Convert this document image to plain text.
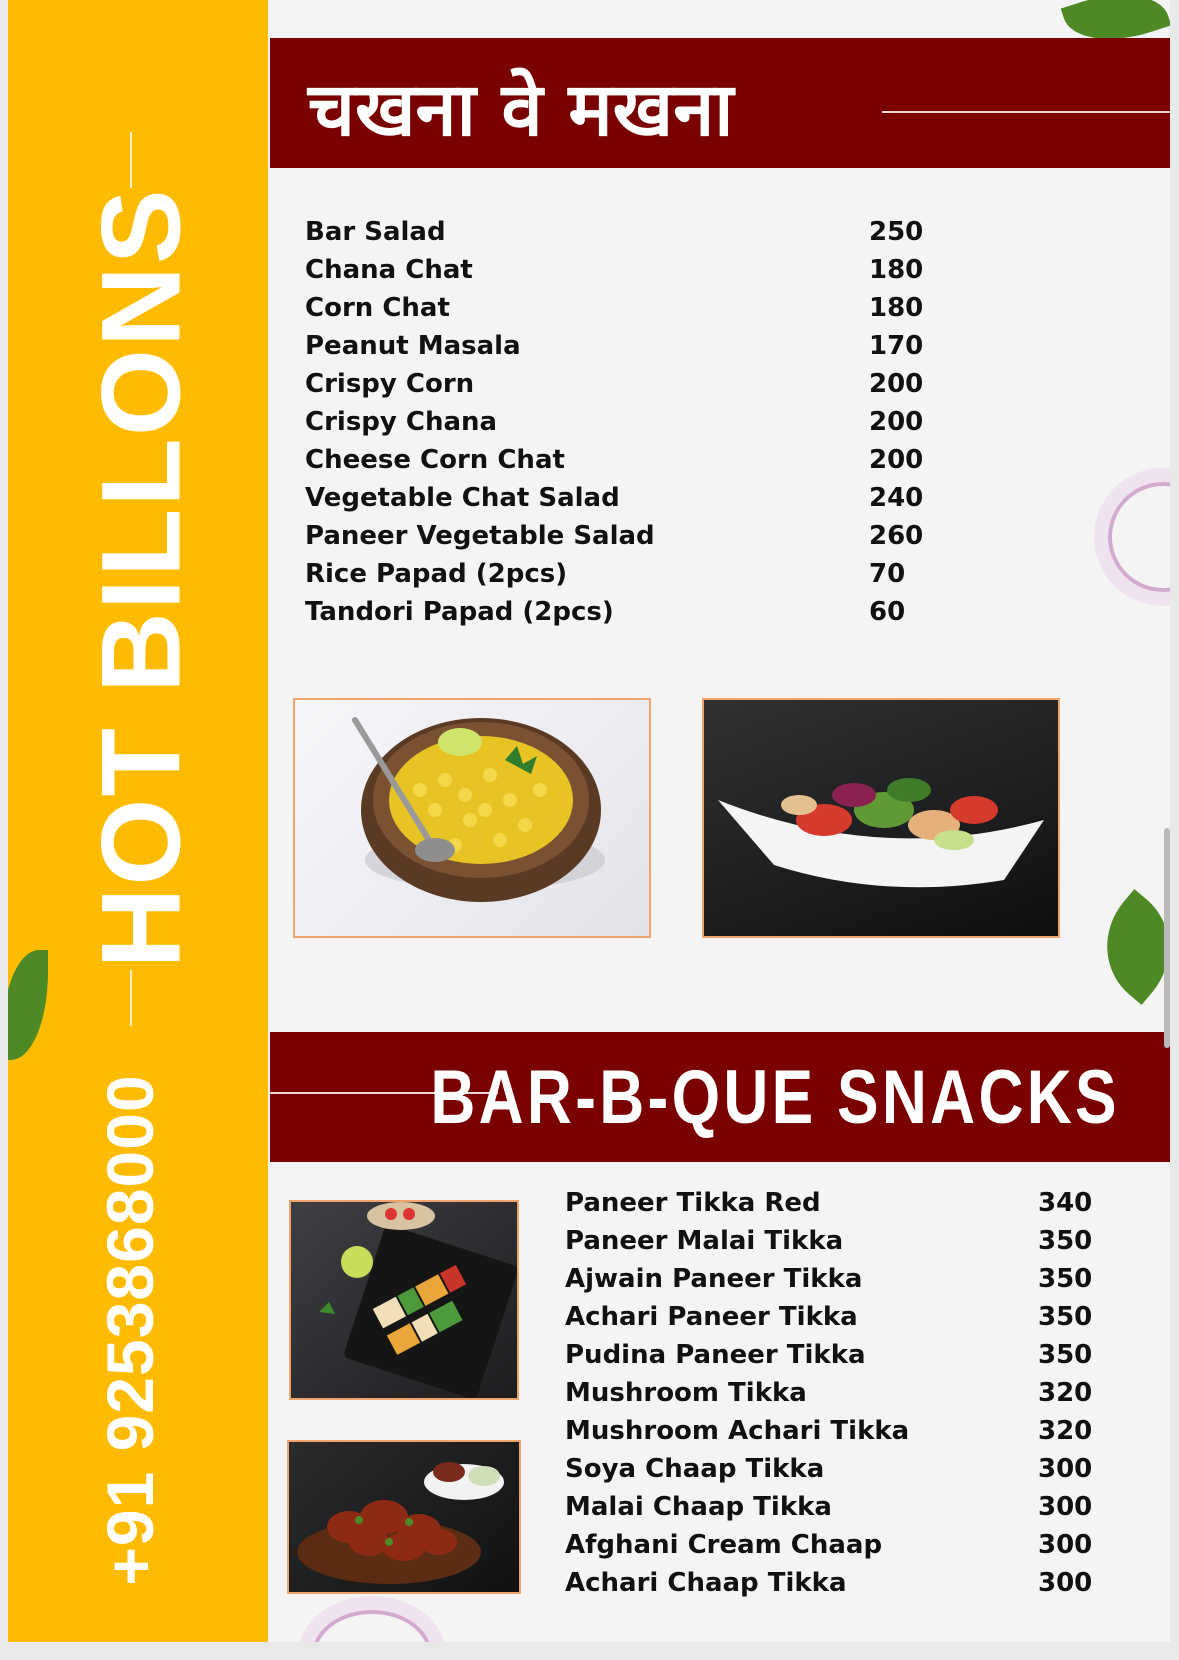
HOT BILLONS
+91 9253868000
चखना वे मखना
Bar Salad	250
Chana Chat	180
Corn Chat	180
Peanut Masala	170
Crispy Corn	200
Crispy Chana	200
Cheese Corn Chat	200
Vegetable Chat Salad	240
Paneer Vegetable Salad	260
Rice Papad (2pcs)	70
Tandori Papad (2pcs)	60
BAR-B-QUE SNACKS
Paneer Tikka Red	340
Paneer Malai Tikka	350
Ajwain Paneer Tikka	350
Achari Paneer Tikka	350
Pudina Paneer Tikka	350
Mushroom Tikka	320
Mushroom Achari Tikka	320
Soya Chaap Tikka	300
Malai Chaap Tikka	300
Afghani Cream Chaap	300
Achari Chaap Tikka	300
